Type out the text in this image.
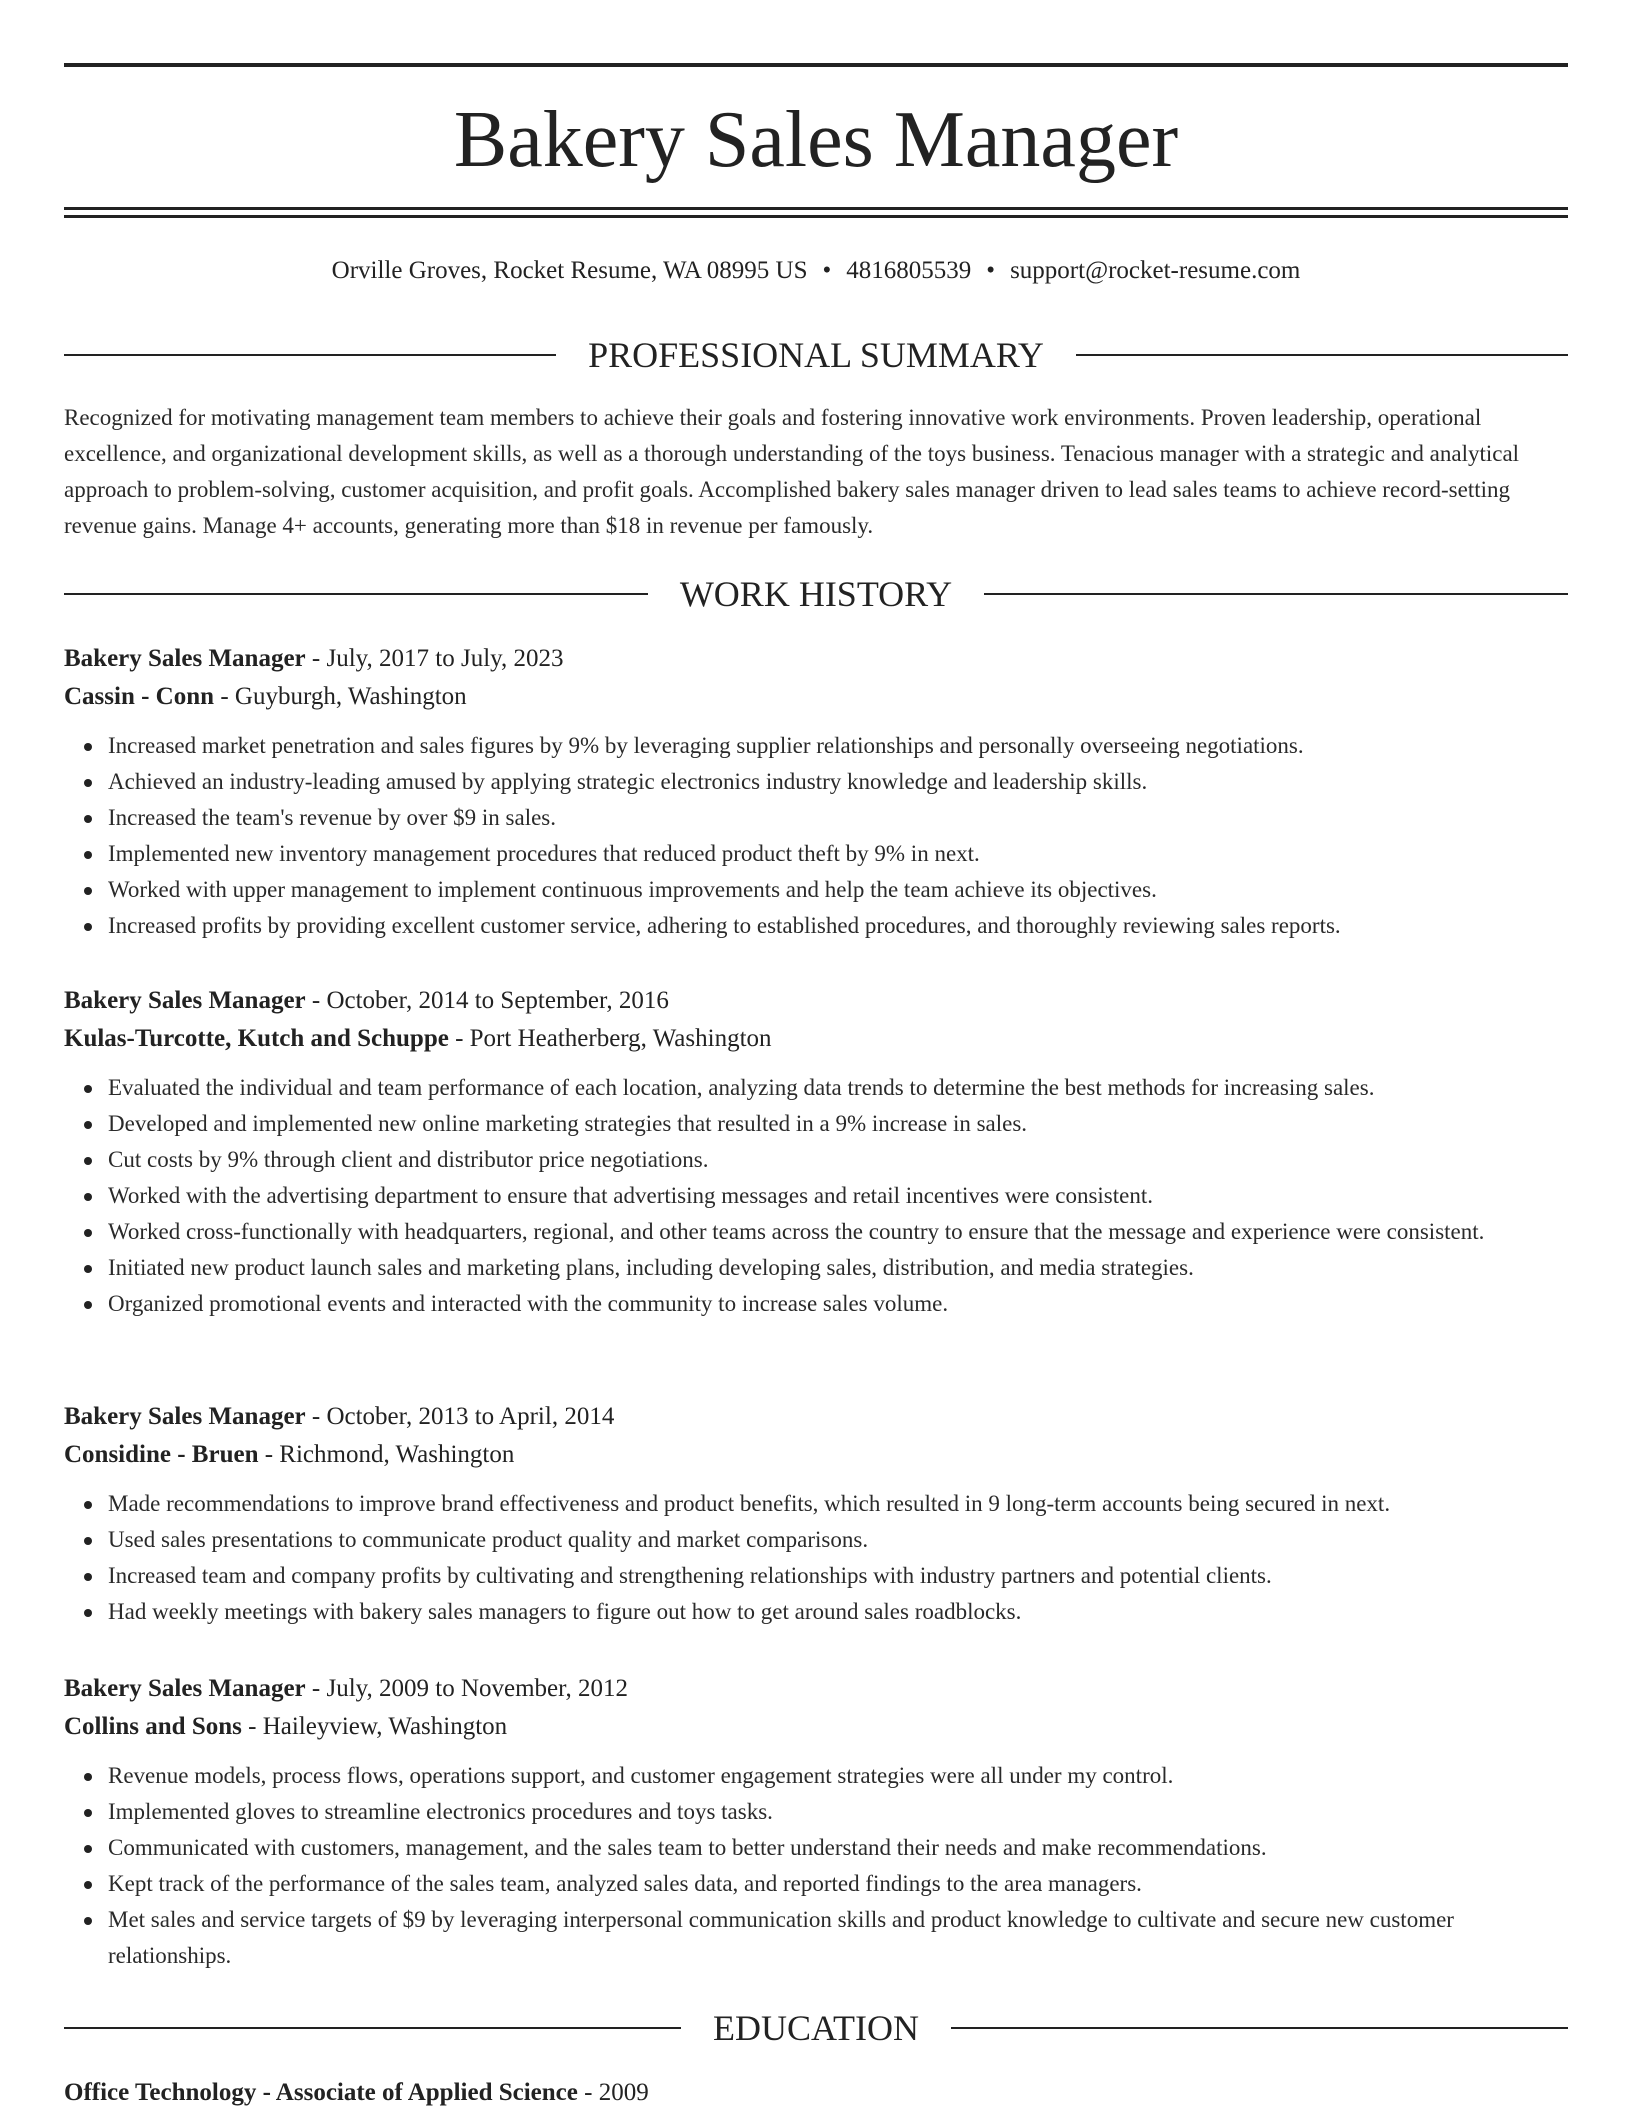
Bakery Sales Manager
Orville Groves, Rocket Resume, WA 08995 US • 4816805539 • support@rocket-resume.com
PROFESSIONAL SUMMARY

Recognized for motivating management team members to achieve their goals and fostering innovative work environments. Proven leadership, operational excellence, and organizational development skills, as well as a thorough understanding of the toys business. Tenacious manager with a strategic and analytical approach to problem-solving, customer acquisition, and profit goals. Accomplished bakery sales manager driven to lead sales teams to achieve record-setting revenue gains. Manage 4+ accounts, generating more than $18 in revenue per famously.

WORK HISTORY
Bakery Sales Manager - July, 2017 to July, 2023
Cassin - Conn - Guyburgh, Washington
Increased market penetration and sales figures by 9% by leveraging supplier relationships and personally overseeing negotiations.
Achieved an industry-leading amused by applying strategic electronics industry knowledge and leadership skills.
Increased the team's revenue by over $9 in sales.
Implemented new inventory management procedures that reduced product theft by 9% in next.
Worked with upper management to implement continuous improvements and help the team achieve its objectives.
Increased profits by providing excellent customer service, adhering to established procedures, and thoroughly reviewing sales reports.
Bakery Sales Manager - October, 2014 to September, 2016
Kulas-Turcotte, Kutch and Schuppe - Port Heatherberg, Washington
Evaluated the individual and team performance of each location, analyzing data trends to determine the best methods for increasing sales.
Developed and implemented new online marketing strategies that resulted in a 9% increase in sales.
Cut costs by 9% through client and distributor price negotiations.
Worked with the advertising department to ensure that advertising messages and retail incentives were consistent.
Worked cross-functionally with headquarters, regional, and other teams across the country to ensure that the message and experience were consistent.
Initiated new product launch sales and marketing plans, including developing sales, distribution, and media strategies.
Organized promotional events and interacted with the community to increase sales volume.
Bakery Sales Manager - October, 2013 to April, 2014
Considine - Bruen - Richmond, Washington
Made recommendations to improve brand effectiveness and product benefits, which resulted in 9 long-term accounts being secured in next.
Used sales presentations to communicate product quality and market comparisons.
Increased team and company profits by cultivating and strengthening relationships with industry partners and potential clients.
Had weekly meetings with bakery sales managers to figure out how to get around sales roadblocks.
Bakery Sales Manager - July, 2009 to November, 2012
Collins and Sons - Haileyview, Washington
Revenue models, process flows, operations support, and customer engagement strategies were all under my control.
Implemented gloves to streamline electronics procedures and toys tasks.
Communicated with customers, management, and the sales team to better understand their needs and make recommendations.
Kept track of the performance of the sales team, analyzed sales data, and reported findings to the area managers.
Met sales and service targets of $9 by leveraging interpersonal communication skills and product knowledge to cultivate and secure new customer relationships.
EDUCATION
Office Technology - Associate of Applied Science - 2009
